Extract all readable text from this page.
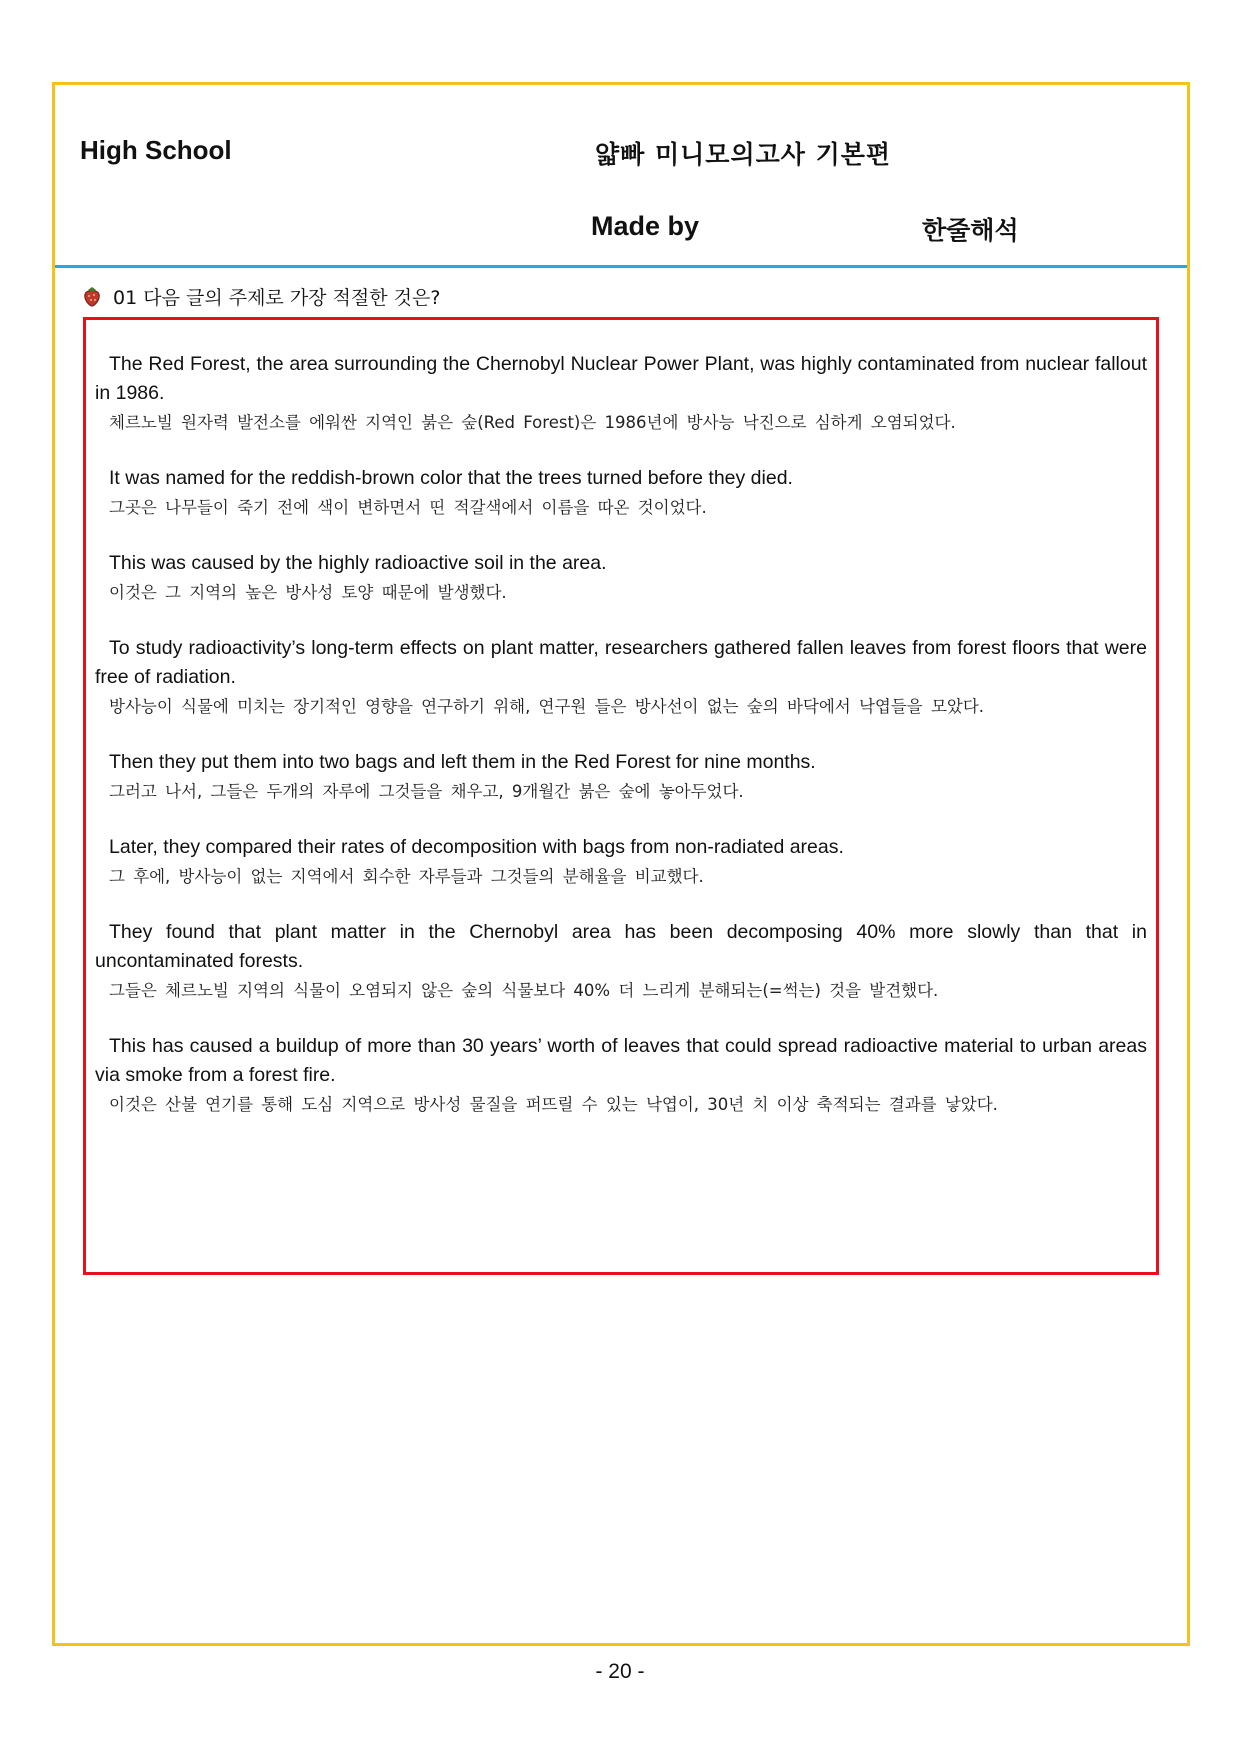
High School	얇빠 미니모의고사 기본편
Made by	한줄해석
01 다음 글의 주제로 가장 적절한 것은?
The Red Forest, the area surrounding the Chernobyl Nuclear Power Plant, was highly contaminated from nuclear fallout in 1986.
체르노빌 원자력 발전소를 에워싼 지역인 붉은 숲(Red Forest)은 1986년에 방사능 낙진으로 심하게 오염되었다.
It was named for the reddish-brown color that the trees turned before they died.
그곳은 나무들이 죽기 전에 색이 변하면서 띤 적갈색에서 이름을 따온 것이었다.
This was caused by the highly radioactive soil in the area.
이것은 그 지역의 높은 방사성 토양 때문에 발생했다.
To study radioactivity’s long-term effects on plant matter, researchers gathered fallen leaves from forest floors that were free of radiation.
방사능이 식물에 미치는 장기적인 영향을 연구하기 위해, 연구원 들은 방사선이 없는 숲의 바닥에서 낙엽들을 모았다.
Then they put them into two bags and left them in the Red Forest for nine months.
그러고 나서, 그들은 두개의 자루에 그것들을 채우고, 9개월간 붉은 숲에 놓아두었다.
Later, they compared their rates of decomposition with bags from non-radiated areas.
그 후에, 방사능이 없는 지역에서 회수한 자루들과 그것들의 분해율을 비교했다.
They found that plant matter in the Chernobyl area has been decomposing 40% more slowly than that in uncontaminated forests.
그들은 체르노빌 지역의 식물이 오염되지 않은 숲의 식물보다 40% 더 느리게 분해되는(=썩는) 것을 발견했다.
This has caused a buildup of more than 30 years’ worth of leaves that could spread radioactive material to urban areas via smoke from a forest fire.
이것은 산불 연기를 통해 도심 지역으로 방사성 물질을 퍼뜨릴 수 있는 낙엽이, 30년 치 이상 축적되는 결과를 낳았다.
- 20 -
